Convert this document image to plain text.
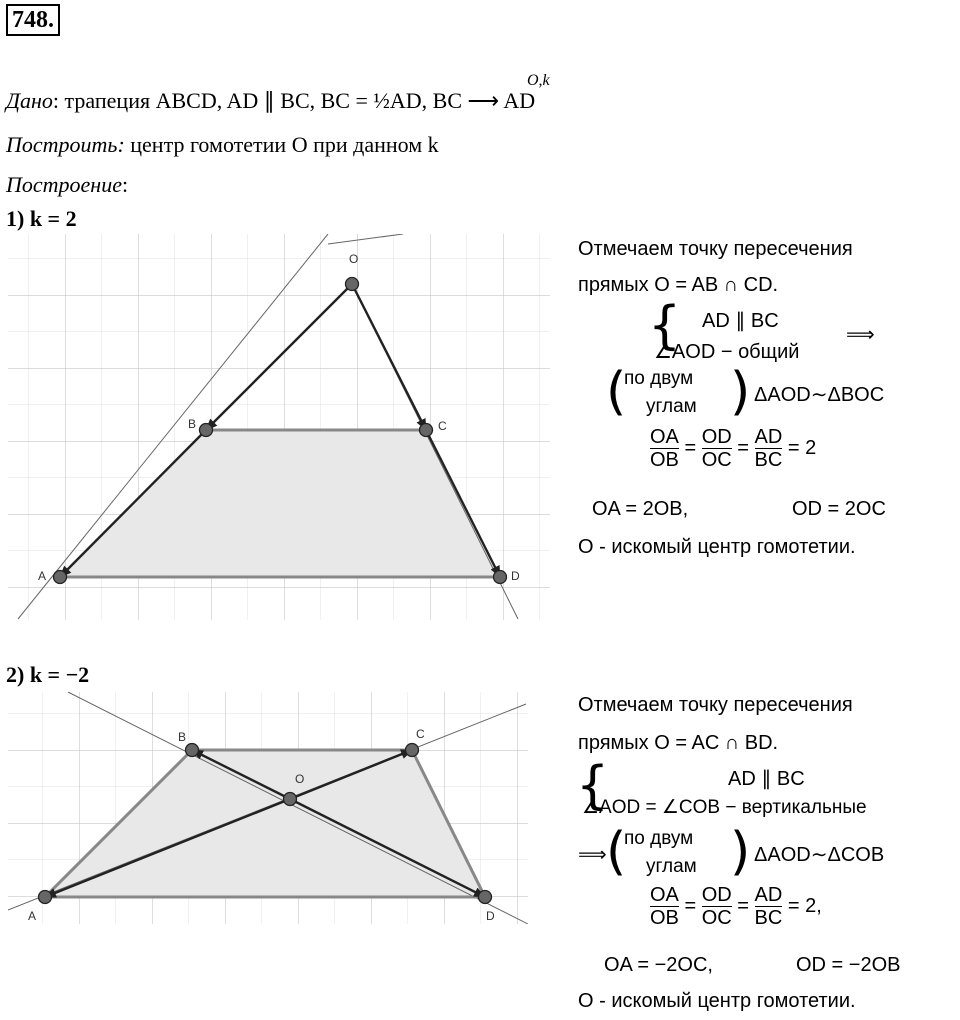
748.
Дано: трапеция ABCD, AD ∥ BC, BC = ½AD, BC ⟶ AD
O,k
Построить: центр гомотетии O при данном k
Построение:
1) k = 2
O
B	C
A	D
Отмечаем точку пересечения
прямых O = AB ∩ CD.
{ AD ∥ BC
∠AOD − общий
⟹
(
по двум
углам ) ΔAOD∼ΔBOC
$\frac{OA}{OB} = \frac{OD}{OC} = \frac{AD}{BC} = 2$
OA = 2OB,	OD = 2OC
O - искомый центр гомотетии.
2) k = −2
O
B	C
A	D
Отмечаем точку пересечения
прямых O = AC ∩ BD.
{	AD ∥ BC
∠AOD = ∠COB − вертикальные
⟹ (
по двум
углам ) ΔAOD∼ΔCOB
$\frac{OA}{OB} = \frac{OD}{OC} = \frac{AD}{BC} = 2$,
OA = −2OC,	OD = −2OB
O - искомый центр гомотетии.
